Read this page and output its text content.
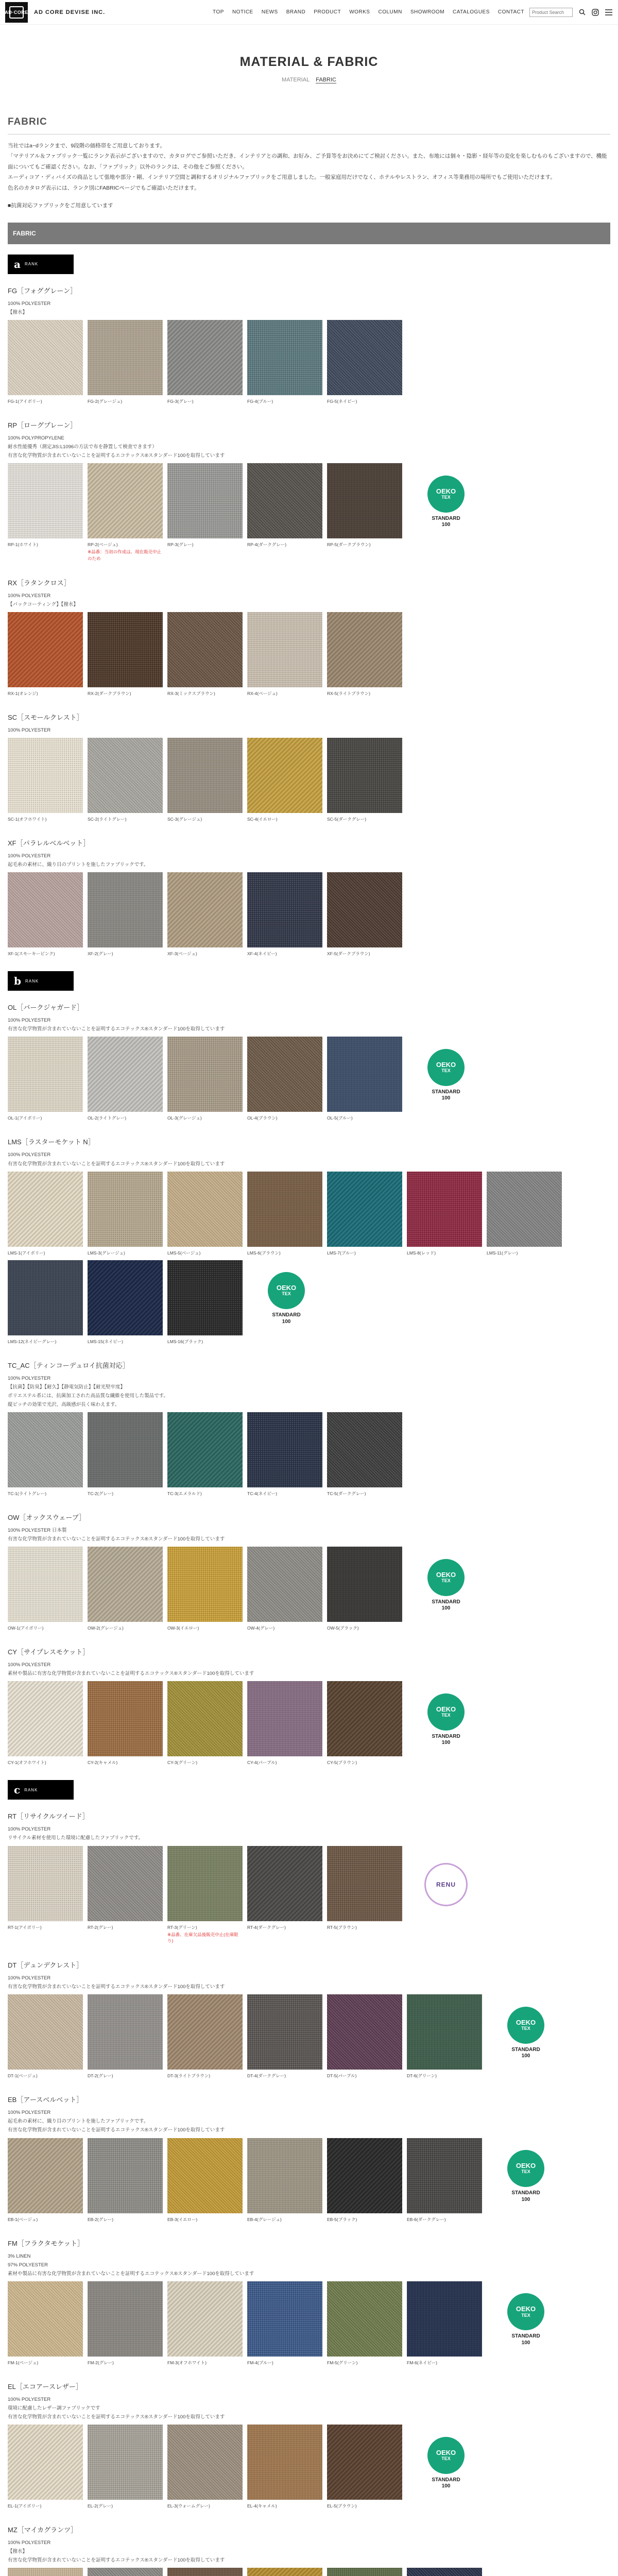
AD·CORE AD CORE DEVISE INC.	TOP NOTICE NEWS BRAND PRODUCT WORKS COLUMN SHOWROOM CATALOGUES CONTACT
Product Search
MATERIAL & FABRIC
MATERIAL FABRIC
FABRIC

当社ではa~dランクまで、9段階の価格帯をご用意しております。

「マテリアル＆ファブリック一覧にランク表示がございますので、カタログでご参照いただき、インテリアとの調和、お好み、ご予算等をお決めにてご検討ください。また、布地には個々・陰影・経年等の変化を楽しむものもございますので、機能面についてもご確認ください。なお、「ファブリック」以外のランクは、その他をご参照ください。

エーディコア・ディバイズの商品として張地や部分・剛、インテリア空間と調和するオリジナルファブリックをご用意しました。一般家庭用だけでなく、ホテルやレストラン、オフィス等業務用の場所でもご使用いただけます。

色名のカタログ表示には、ランク別にFABRICページでもご確認いただけます。

■抗菌対応ファブリックをご用意しています
FABRIC
a RANK
FG［フォググレーン］
100% POLYESTER
【撥水】
FG-1(アイボリー)	FG-2(グレージュ)	FG-3(グレー)	FG-4(ブルー)	FG-5(ネイビー)
RP［ローグプレーン］
100% POLYPROPYLENE
耐水性能優秀（測定JIS:L1096の方法で布を静置して検査できます）
有害な化学物質が含まれていないことを証明するエコテックス®スタンダード100を取得しています
RP-1(ホワイト)	RP-2(ベージュ)
※品番：当初の作成は、現在販売中止のため
RP-3(グレー)	RP-4(ダークグレー)	RP-5(ダークブラウン)
OEKO
TEX
STANDARD
100
RX［ラタンクロス］
100% POLYESTER
【バックコーティング】【撥水】
RX-1(オレンジ)	RX-2(ダークブラウン)	RX-3(ミックスブラウン)	RX-4(ベージュ)	RX-5(ライトブラウン)
SC［スモールクレスト］
100% POLYESTER
SC-1(オフホワイト)	SC-2(ライトグレー)	SC-3(グレージュ)	SC-4(イエロー)	SC-5(ダークグレー)
XF［パラレルベルベット］
100% POLYESTER
起毛糸の素材に、織り目のプリントを施したファブリックです。
XF-1(スモーキーピンク)	XF-2(グレー)	XF-3(ベージュ)	XF-4(ネイビー)	XF-5(ダークブラウン)
b RANK
OL［バークジャガード］
100% POLYESTER
有害な化学物質が含まれていないことを証明するエコテックス®スタンダード100を取得しています
OL-1(アイボリー)	OL-2(ライトグレー)	OL-3(グレージュ)	OL-4(ブラウン)	OL-5(ブルー)
OEKO
TEX
STANDARD
100
LMS［ラスターモケット N］
100% POLYESTER
有害な化学物質が含まれていないことを証明するエコテックス®スタンダード100を取得しています
LMS-1(アイボリー)	LMS-3(グレージュ)	LMS-5(ベージュ)	LMS-6(ブラウン)	LMS-7(ブルー)	LMS-8(レッド)	LMS-11(グレー)
LMS-12(ネイビーグレー)	LMS-15(ネイビー)	LMS-16(ブラック)
OEKO
TEX
STANDARD
100
TC_AC［ティンコーデュロイ抗菌対応］
100% POLYESTER
【抗菌】【防臭】【耐久】【静電気防止】【耐光堅牢度】
ポリエステル系には、抗菌加工された高品質な繊維を使用した製品です。
縦ピッチの効果で光沢、高級感が長く味わえます。
TC-1(ライトグレー)	TC-2(グレー)	TC-3(エメラルド)	TC-4(ネイビー)	TC-5(ダークグレー)
OW［オックスウェーブ］
100% POLYESTER 日本製
有害な化学物質が含まれていないことを証明するエコテックス®スタンダード100を取得しています
OW-1(アイボリー)	OW-2(グレージュ)	OW-3(イエロー)	OW-4(グレー)	OW-5(ブラック)
OEKO
TEX
STANDARD
100
CY［サイプレスモケット］
100% POLYESTER
素材や製品に有害な化学物質が含まれていないことを証明するエコテックス®スタンダード100を取得しています
CY-1(オフホワイト)	CY-2(キャメル)	CY-3(グリーン)	CY-4(パープル)	CY-5(ブラウン)
OEKO
TEX
STANDARD
100
c RANK
RT［リサイクルツイード］
100% POLYESTER
リサイクル素材を使用した環境に配慮したファブリックです。
RT-1(アイボリー)	RT-2(グレー)	RT-3(グリーン)
※品番、在庫欠品後販売中止(在庫限り)
RT-4(ダークグレー)	RT-5(ブラウン)
RENU
DT［デュンデクレスト］
100% POLYESTER
有害な化学物質が含まれていないことを証明するエコテックス®スタンダード100を取得しています
DT-1(ベージュ)	DT-2(グレー)	DT-3(ライトブラウン)	DT-4(ダークグレー)	DT-5(パープル)	DT-6(グリーン)
OEKO
TEX
STANDARD
100
EB［アースベルベット］
100% POLYESTER
起毛糸の素材に、織り目のプリントを施したファブリックです。
有害な化学物質が含まれていないことを証明するエコテックス®スタンダード100を取得しています
EB-1(ベージュ)	EB-2(グレー)	EB-3(イエロー)	EB-4(グレージュ)	EB-5(ブラック)	EB-6(ダークグレー)
OEKO
TEX
STANDARD
100
FM［フラクタモケット］
3% LINEN
97% POLYESTER
素材や製品に有害な化学物質が含まれていないことを証明するエコテックス®スタンダード100を取得しています
FM-1(ベージュ)	FM-2(グレー)	FM-3(オフホワイト)	FM-4(ブルー)	FM-5(グリーン)	FM-6(ネイビー)
OEKO
TEX
STANDARD
100
EL［エコアースレザー］
100% POLYESTER
環境に配慮したレザー調ファブリックです
有害な化学物質が含まれていないことを証明するエコテックス®スタンダード100を取得しています
EL-1(アイボリー)	EL-2(グレー)	EL-3(ウォームグレー)	EL-4(キャメル)	EL-5(ブラウン)
OEKO
TEX
STANDARD
100
MZ［マイカグランツ］
100% POLYESTER
【撥水】
有害な化学物質が含まれていないことを証明するエコテックス®スタンダード100を取得しています
